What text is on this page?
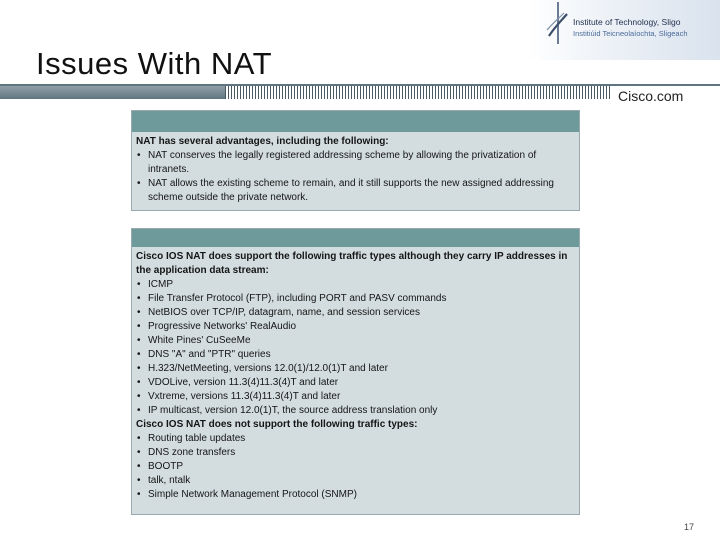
Issues With NAT
Institute of Technology, Sligo
Institiúid Teicneolaíochta, Sligeach
Cisco.com
NAT has several advantages, including the following:
• NAT conserves the legally registered addressing scheme by allowing the privatization of intranets.
• NAT allows the existing scheme to remain, and it still supports the new assigned addressing scheme outside the private network.
Cisco IOS NAT does support the following traffic types although they carry IP addresses in the application data stream:
• ICMP
• File Transfer Protocol (FTP), including PORT and PASV commands
• NetBIOS over TCP/IP, datagram, name, and session services
• Progressive Networks' RealAudio
• White Pines' CuSeeMe
• DNS "A" and "PTR" queries
• H.323/NetMeeting, versions 12.0(1)/12.0(1)T and later
• VDOLive, version 11.3(4)11.3(4)T and later
• Vxtreme, versions 11.3(4)11.3(4)T and later
• IP multicast, version 12.0(1)T, the source address translation only
Cisco IOS NAT does not support the following traffic types:
• Routing table updates
• DNS zone transfers
• BOOTP
• talk, ntalk
• Simple Network Management Protocol (SNMP)
17
